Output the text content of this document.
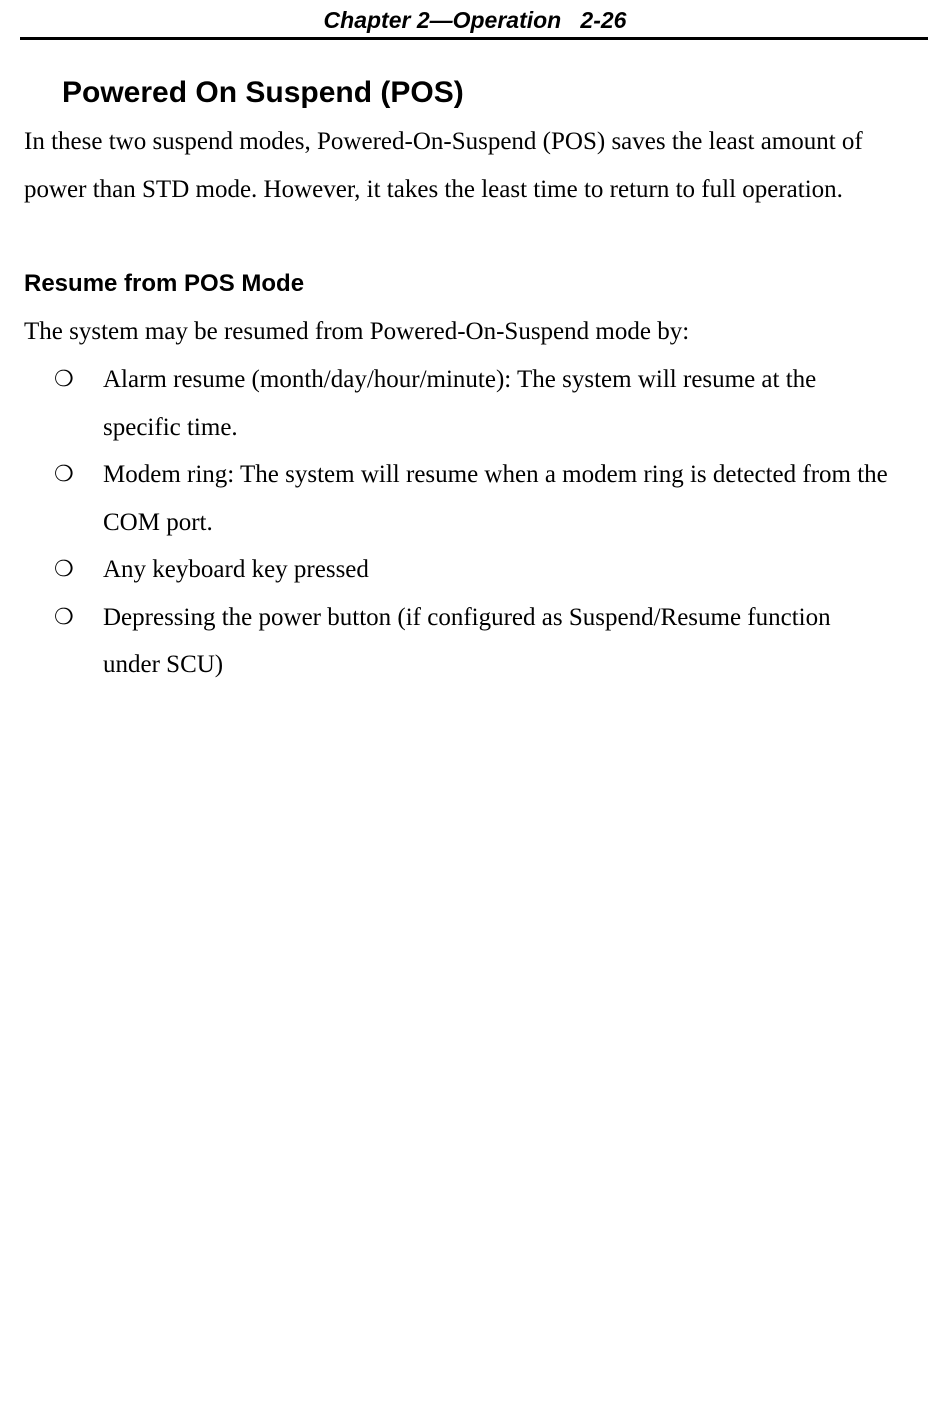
Chapter 2—Operation   2-26
Powered On Suspend (POS)

In these two suspend modes, Powered-On-Suspend (POS) saves the least amount of power than STD mode. However, it takes the least time to return to full operation.

Resume from POS Mode

The system may be resumed from Powered-On-Suspend mode by:

❍ Alarm resume (month/day/hour/minute): The system will resume at the specific time.
❍ Modem ring: The system will resume when a modem ring is detected from the COM port.
❍ Any keyboard key pressed
❍ Depressing the power button (if configured as Suspend/Resume function under SCU)
